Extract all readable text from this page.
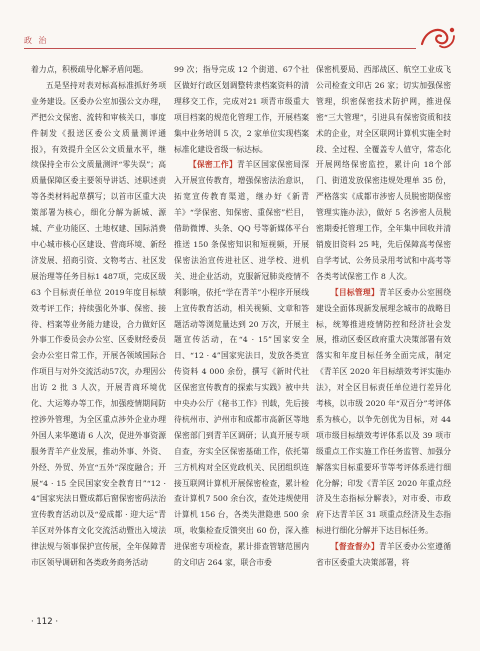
政 治

着力点，积极疏导化解矛盾问题。

五是坚持对表对标高标准抓好务项业务建设。区委办公室加强公文办理，严把公文保密、流转和审核关口，事度件制发《报送区委公文质量测评通报》，有效提升全区公文质量水平，继续保持全市公文质量测评“零失误”；高质量保障区委主要领导讲话、述职述责等各类材料起草撰写；以首市区重大决策部署为核心，细化分解为新城、源城、产业功能区、土地权建、国际消费中心城市核心区建设、营商环境、新经济发展、招商引资、文物考古、社区发展治理等任务目标1 487项，完成区级63 个目标责任单位 2019年度目标绩效考评工作；持续强化外事、保密、接待、档案等业务能力建设，合力做好区外事工作委员会办公室、区委财经委员会办公室日常工作，开展各领域国际合作项目与对外交流活动57次，办理因公出访 2 批 3 人次，开展青商环境优化、大运筹办等工作，加强疫情期间防控涉外管理，为全区重点涉外企业办理外国人来华邀请 6 人次，促进外事资源服务青羊产业发展，推动外事、外资、外经、外贸、外宣“五外”深度融合；开展“4 · 15 全民国家安全教育日”“12 · 4”国家宪法日暨成都后窗保密密码法治宣传教育活动以及“爱成都 · 迎大运”青羊区对外体育文化交流活动暨出入境法律法规与领事保护宣传展，全年保障青市区领导调研和各类政务商务活动

99 次；指导完成 12 个街道、67个社区做好行政区划调整转隶档案资料的清理移交工作，完成对21 项青市级重大项目档案的规范化管理工作，开展档案集中业务培训 5 次，2 家单位实现档案标准化建设省级一标达标。

【保密工作】青羊区国家保密局深入开展宣传教育，增强保密法治意识，拓宽宣传教育渠道，继办好《新青羊》“学保密、知保密、重保密”栏目，借助微博、头条、QQ 号等新媒体平台推送 150 条保密知识和短视频，开展保密法治宣传进社区、进学校、进机关、进企业活动，克服新冠肺炎疫情不利影响，依托“学在青羊”小程序开展线上宣传教育活动，相关视频、文章和答题活动等浏览量达到 20 万次，开展主题宣传活动，在“4 · 15”国家安全日、“12 · 4”国家宪法日，发放各类宣传资料 4 000 余份，撰写《新时代社区保密宣传教育的探索与实践》被中共中央办公厅《秘书工作》刊载，先后接待杭州市、泸州市和成都市高新区等地保密部门到青羊区调研；认真开展专项自查，夯实全区保密基础工作，依托第三方机构对全区党政机关、民团组织连接互联网计算机开展保密检查，累计检查计算机7 500 余台次，查处违规使用计算机 156 台，各类失泄隐患 500 余项，收集检查反馈突出 60 份，深入推进保密专项检查，累计排查管辖范围内的文印店 264 家，联合市委

保密机要局、西部战区、航空工业成飞公司检查文印店 26 家；切实加强保密管理，织密保密技术防护网，推进保密“三大管理”，引进具有保密资质和技术的企业，对全区联网计算机实施全时段、全过程、全覆盖专人值守，常态化开展网络保密监控，累计向 18个部门、街道发放保密违规处理单 35 份，严格落实《成都市涉密人员脱密期保密管理实施办法》，做好 5 名涉密人员脱密期委托管理工作，全年集中回收并清销废旧资料 25 吨，先后保障高考保密自学考试、公务员录用考试和中高考等各类考试保密工作 8 人次。

【目标管理】青羊区委办公室围绕建设全面体现新发展理念城市的战略目标，统筹推进疫情防控和经济社会发展，推动区委区政府重大决策部署有效落实和年度目标任务全面完成，制定《青羊区 2020 年目标绩效考评实施办法》，对全区目标责任单位进行差异化考核，以市级 2020 年“双百分”考评体系为核心，以争先创优为目标，对 44 项市级目标绩效考评体系以及 39 项市级重点工作实施工作任务监管、加强分解落实目标重要环节等考评体系进行细化分解；印发《青羊区 2020 年重点经济及生态指标分解表》，对市委、市政府下达青羊区 31 项重点经济及生态指标进行细化分解并下达目标任务。

【督查督办】青羊区委办公室遵循省市区委重大决策部署，将

· 112 ·
